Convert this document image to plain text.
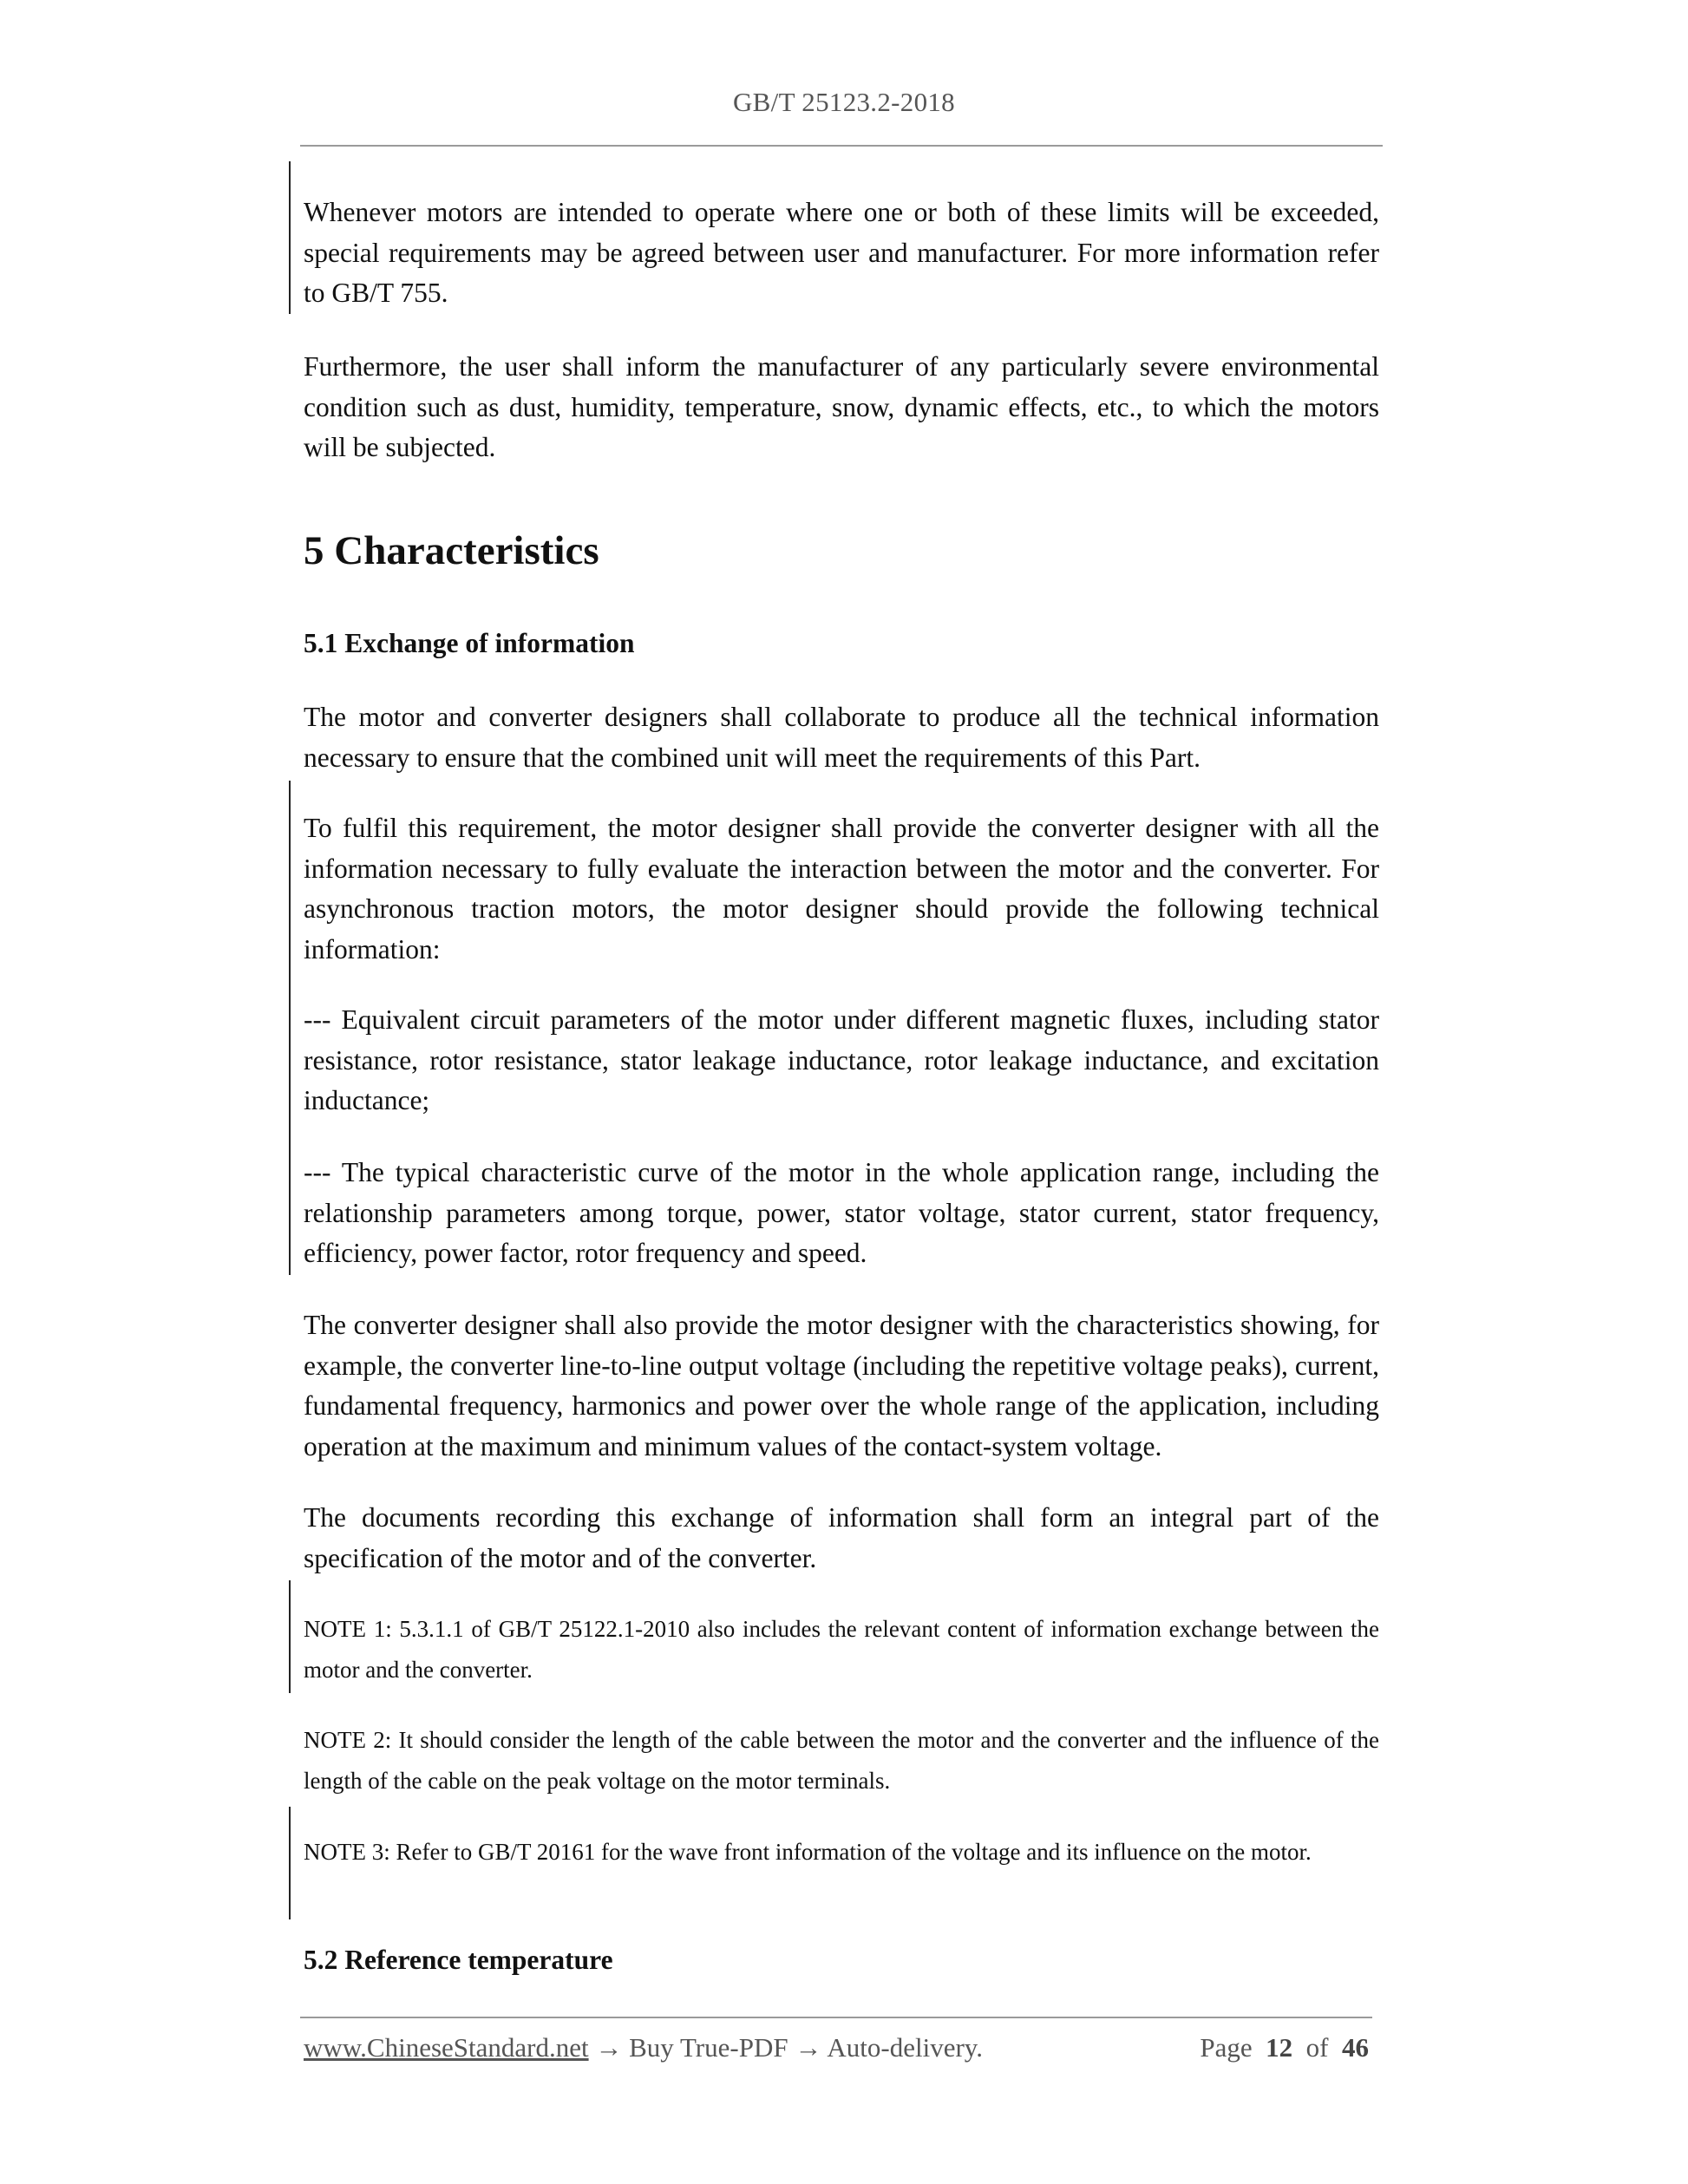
GB/T 25123.2-2018
Whenever motors are intended to operate where one or both of these limits will be exceeded, special requirements may be agreed between user and manufacturer. For more information refer to GB/T 755.
Furthermore, the user shall inform the manufacturer of any particularly severe environmental condition such as dust, humidity, temperature, snow, dynamic effects, etc., to which the motors will be subjected.
5 Characteristics
5.1 Exchange of information
The motor and converter designers shall collaborate to produce all the technical information necessary to ensure that the combined unit will meet the requirements of this Part.
To fulfil this requirement, the motor designer shall provide the converter designer with all the information necessary to fully evaluate the interaction between the motor and the converter. For asynchronous traction motors, the motor designer should provide the following technical information:
--- Equivalent circuit parameters of the motor under different magnetic fluxes, including stator resistance, rotor resistance, stator leakage inductance, rotor leakage inductance, and excitation inductance;
--- The typical characteristic curve of the motor in the whole application range, including the relationship parameters among torque, power, stator voltage, stator current, stator frequency, efficiency, power factor, rotor frequency and speed.
The converter designer shall also provide the motor designer with the characteristics showing, for example, the converter line-to-line output voltage (including the repetitive voltage peaks), current, fundamental frequency, harmonics and power over the whole range of the application, including operation at the maximum and minimum values of the contact-system voltage.
The documents recording this exchange of information shall form an integral part of the specification of the motor and of the converter.
NOTE 1: 5.3.1.1 of GB/T 25122.1-2010 also includes the relevant content of information exchange between the motor and the converter.
NOTE 2: It should consider the length of the cable between the motor and the converter and the influence of the length of the cable on the peak voltage on the motor terminals.
NOTE 3: Refer to GB/T 20161 for the wave front information of the voltage and its influence on the motor.
5.2 Reference temperature
www.ChineseStandard.net → Buy True-PDF → Auto-delivery.	Page 12 of 46
